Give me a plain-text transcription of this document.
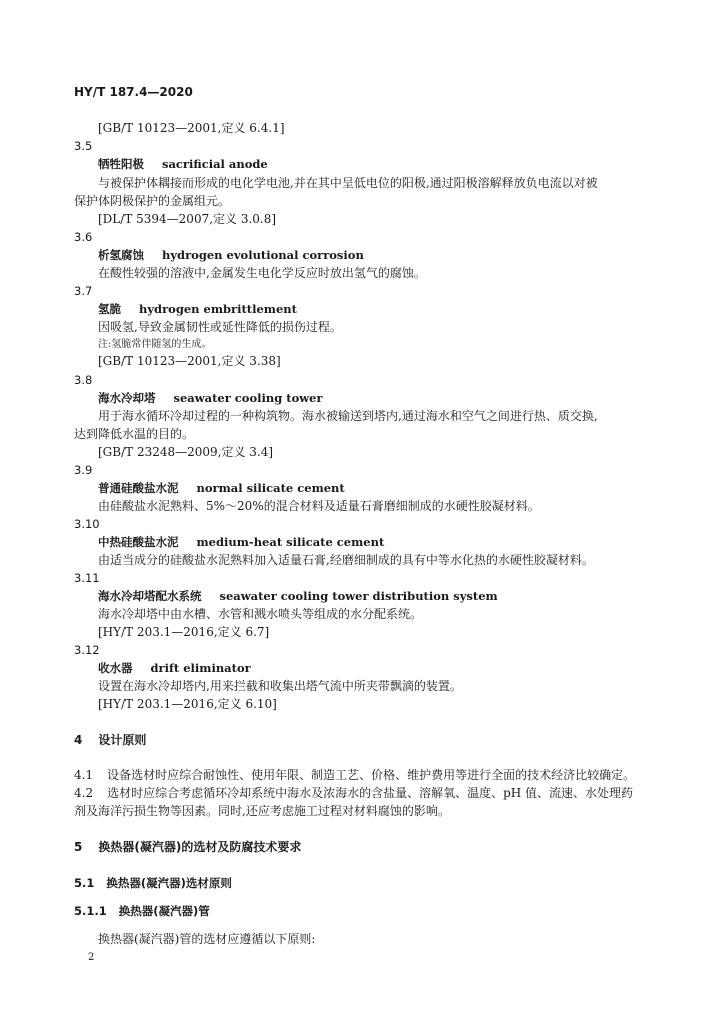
HY/T 187.4—2020
[GB/T 10123—2001,定义 6.4.1]
3.5
牺牲阳极 sacrificial anode
与被保护体耦接而形成的电化学电池,并在其中呈低电位的阳极,通过阳极溶解释放负电流以对被
保护体阴极保护的金属组元。
[DL/T 5394—2007,定义 3.0.8]
3.6
析氢腐蚀 hydrogen evolutional corrosion
在酸性较强的溶液中,金属发生电化学反应时放出氢气的腐蚀。
3.7
氢脆 hydrogen embrittlement
因吸氢,导致金属韧性或延性降低的损伤过程。
注:氢脆常伴随氢的生成。
[GB/T 10123—2001,定义 3.38]
3.8
海水冷却塔 seawater cooling tower
用于海水循环冷却过程的一种构筑物。海水被输送到塔内,通过海水和空气之间进行热、质交换,
达到降低水温的目的。
[GB/T 23248—2009,定义 3.4]
3.9
普通硅酸盐水泥 normal silicate cement
由硅酸盐水泥熟料、5%～20%的混合材料及适量石膏磨细制成的水硬性胶凝材料。
3.10
中热硅酸盐水泥 medium-heat silicate cement
由适当成分的硅酸盐水泥熟料加入适量石膏,经磨细制成的具有中等水化热的水硬性胶凝材料。
3.11
海水冷却塔配水系统 seawater cooling tower distribution system
海水冷却塔中由水槽、水管和溅水喷头等组成的水分配系统。
[HY/T 203.1—2016,定义 6.7]
3.12
收水器 drift eliminator
设置在海水冷却塔内,用来拦截和收集出塔气流中所夹带飘滴的装置。
[HY/T 203.1—2016,定义 6.10]
4 设计原则
4.1 设备选材时应综合耐蚀性、使用年限、制造工艺、价格、维护费用等进行全面的技术经济比较确定。
4.2 选材时应综合考虑循环冷却系统中海水及浓海水的含盐量、溶解氧、温度、pH 值、流速、水处理药
剂及海洋污损生物等因素。同时,还应考虑施工过程对材料腐蚀的影响。
5 换热器(凝汽器)的选材及防腐技术要求
5.1 换热器(凝汽器)选材原则
5.1.1 换热器(凝汽器)管
换热器(凝汽器)管的选材应遵循以下原则:
2
